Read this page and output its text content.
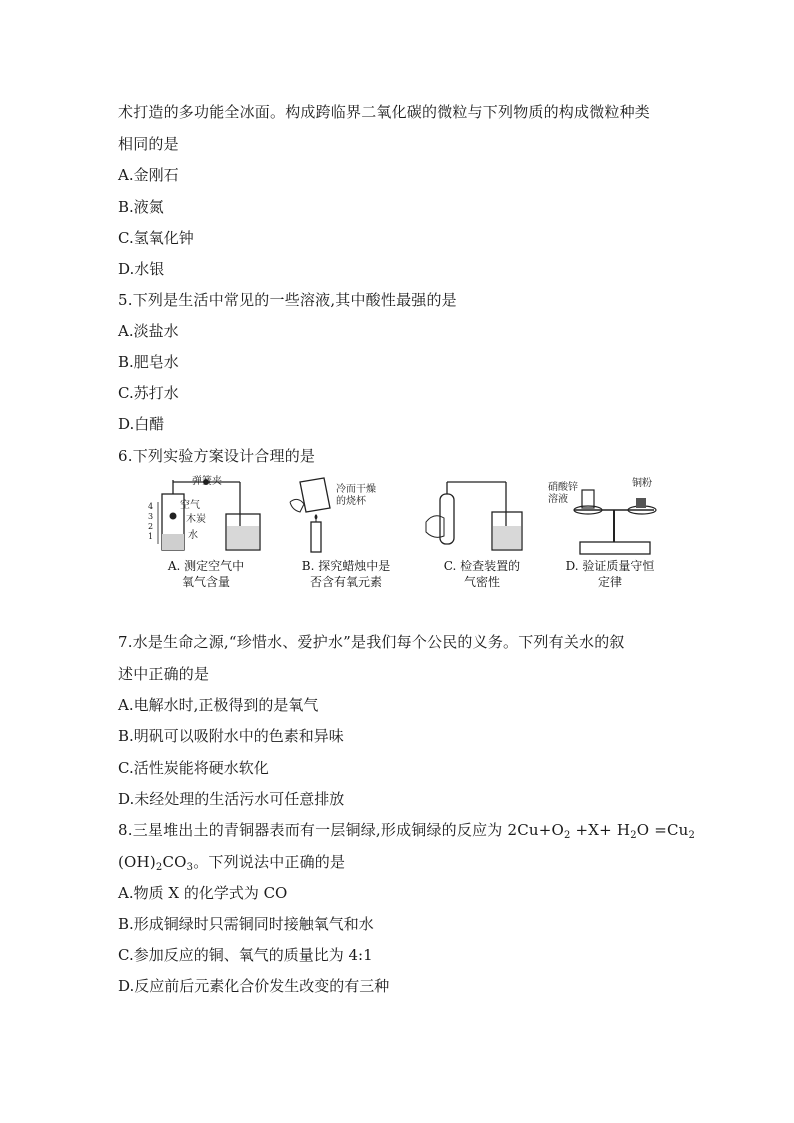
术打造的多功能全冰面。构成跨临界二氧化碳的微粒与下列物质的构成微粒种类
相同的是
A.金刚石
B.液氮
C.氢氧化钟
D.水银
5.下列是生活中常见的一些溶液,其中酸性最强的是
A.淡盐水
B.肥皂水
C.苏打水
D.白醋
6.下列实验方案设计合理的是
弹簧夹
空气
木炭
水
4
3
2
1
A. 测定空气中
氧气含量
冷而干燥
的烧杯
B. 探究蜡烛中是
否含有氧元素
C. 检查装置的
气密性
硝酸锌
溶液
铜粉
D. 验证质量守恒
定律
7.水是生命之源,“珍惜水、爱护水”是我们每个公民的义务。下列有关水的叙
述中正确的是
A.电解水时,正极得到的是氧气
B.明矾可以吸附水中的色素和异味
C.活性炭能将硬水软化
D.未经处理的生活污水可任意排放
8.三星堆出土的青铜器表而有一层铜绿,形成铜绿的反应为 $2Cu+O_2 +X+ H_2O =Cu_2$
$(OH)_2CO_3$。下列说法中正确的是
A.物质 X 的化学式为 CO
B.形成铜绿时只需铜同时接触氧气和水
C.参加反应的铜、氧气的质量比为 4:1
D.反应前后元素化合价发生改变的有三种
